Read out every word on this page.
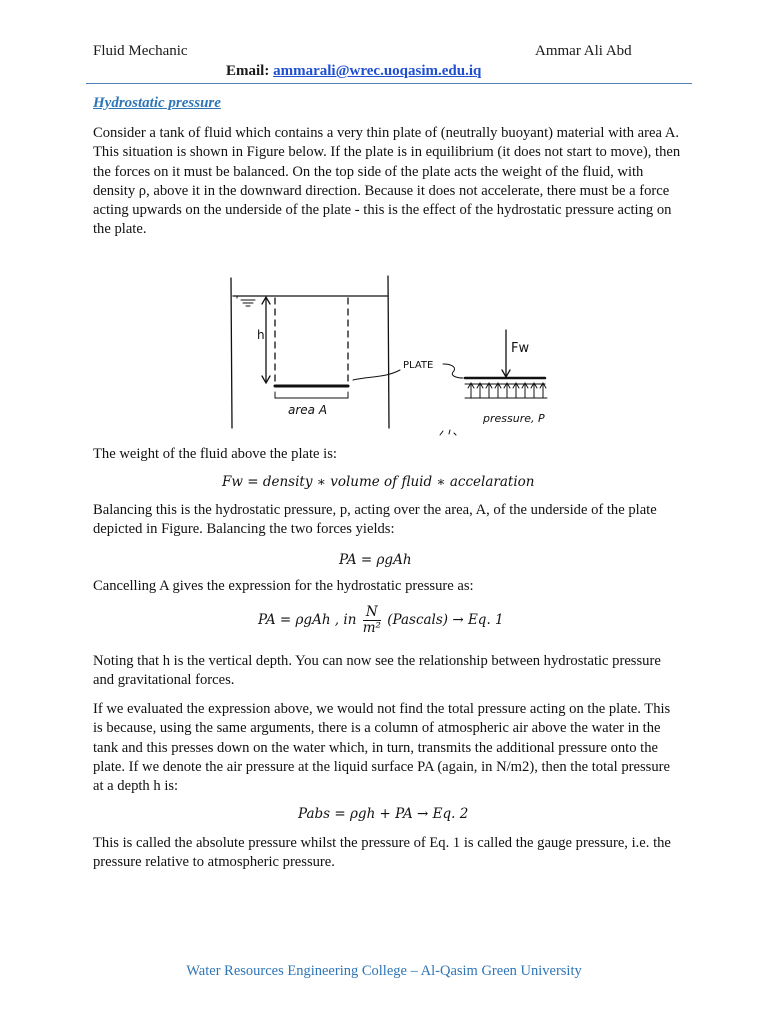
Fluid Mechanic	Ammar Ali Abd
Email: ammarali@wrec.uoqasim.edu.iq
Hydrostatic pressure
Consider a tank of fluid which contains a very thin plate of (neutrally buoyant) material with area A. This situation is shown in Figure below. If the plate is in equilibrium (it does not start to move), then the forces on it must be balanced. On the top side of the plate acts the weight of the fluid, with density ρ, above it in the downward direction. Because it does not accelerate, there must be a force acting upwards on the underside of the plate - this is the effect of the hydrostatic pressure acting on the plate.
h
area A
PLATE
Fw
pressure, P
The weight of the fluid above the plate is:
Fw = density ∗ volume of fluid ∗ accelaration
Balancing this is the hydrostatic pressure, p, acting over the area, A, of the underside of the plate depicted in Figure. Balancing the two forces yields:
PA = ρgAh
Cancelling A gives the expression for the hydrostatic pressure as:
PA = ρgAh , in $\frac{N}{\text{m²}}$ (Pascals) → Eq. 1
Noting that h is the vertical depth. You can now see the relationship between hydrostatic pressure and gravitational forces.
If we evaluated the expression above, we would not find the total pressure acting on the plate. This is because, using the same arguments, there is a column of atmospheric air above the water in the tank and this presses down on the water which, in turn, transmits the additional pressure onto the plate. If we denote the air pressure at the liquid surface PA (again, in N/m2), then the total pressure at a depth h is:
Pabs = ρgh + PA → Eq. 2
This is called the absolute pressure whilst the pressure of Eq. 1 is called the gauge pressure, i.e. the pressure relative to atmospheric pressure.
Water Resources Engineering College – Al-Qasim Green University
